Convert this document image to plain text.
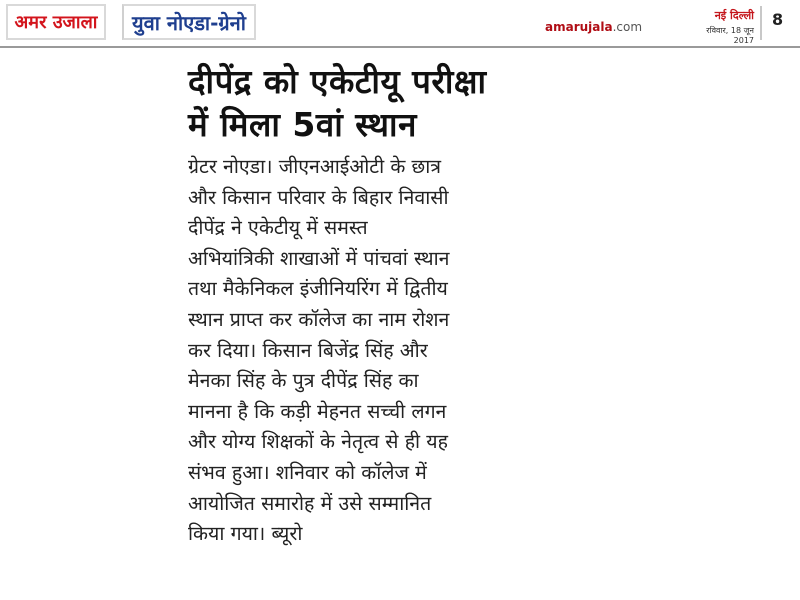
अमर उजाला	युवा नोएडा-ग्रेनो	amarujala.com
नई दिल्ली
रविवार, 18 जून 2017
8
दीपेंद्र को एकेटीयू परीक्षा
में मिला 5वां स्थान
ग्रेटर नोएडा। जीएनआईओटी के छात्र
और किसान परिवार के बिहार निवासी
दीपेंद्र ने एकेटीयू में समस्त
अभियांत्रिकी शाखाओं में पांचवां स्थान
तथा मैकेनिकल इंजीनियरिंग में द्वितीय
स्थान प्राप्त कर कॉलेज का नाम रोशन
कर दिया। किसान बिजेंद्र सिंह और
मेनका सिंह के पुत्र दीपेंद्र सिंह का
मानना है कि कड़ी मेहनत सच्ची लगन
और योग्य शिक्षकों के नेतृत्व से ही यह
संभव हुआ। शनिवार को कॉलेज में
आयोजित समारोह में उसे सम्मानित
किया गया। ब्यूरो
